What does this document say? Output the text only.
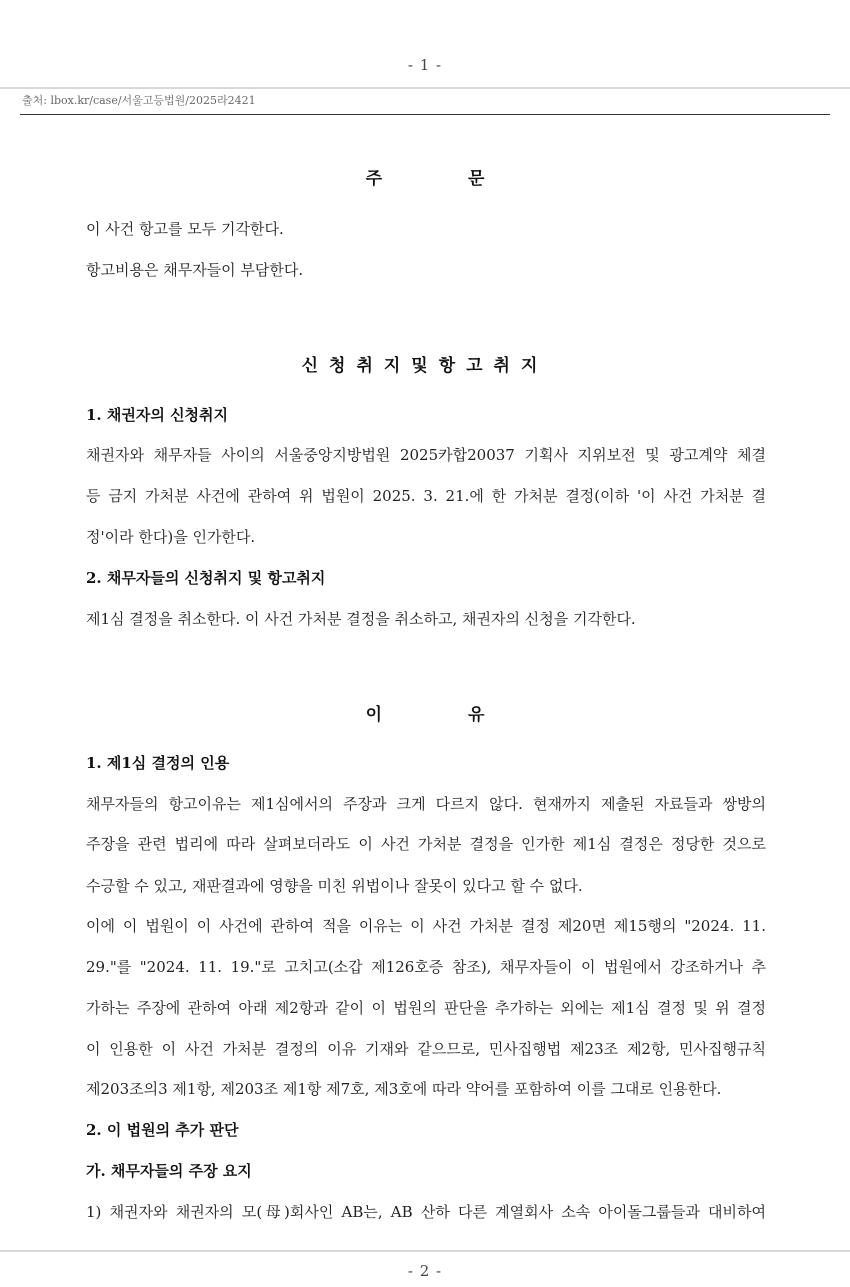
- 1 -
출처: lbox.kr/case/서울고등법원/2025라2421
주 문
이 사건 항고를 모두 기각한다.
항고비용은 채무자들이 부담한다.
신청취지및항고취지
1. 채권자의 신청취지
채권자와 채무자들 사이의 서울중앙지방법원 2025카합20037 기획사 지위보전 및 광고계약 체결
등 금지 가처분 사건에 관하여 위 법원이 2025. 3. 21.에 한 가처분 결정(이하 '이 사건 가처분 결
정'이라 한다)을 인가한다.
2. 채무자들의 신청취지 및 항고취지
제1심 결정을 취소한다. 이 사건 가처분 결정을 취소하고, 채권자의 신청을 기각한다.
이 유
1. 제1심 결정의 인용
채무자들의 항고이유는 제1심에서의 주장과 크게 다르지 않다. 현재까지 제출된 자료들과 쌍방의
주장을 관련 법리에 따라 살펴보더라도 이 사건 가처분 결정을 인가한 제1심 결정은 정당한 것으로
수긍할 수 있고, 재판결과에 영향을 미친 위법이나 잘못이 있다고 할 수 없다.
이에 이 법원이 이 사건에 관하여 적을 이유는 이 사건 가처분 결정 제20면 제15행의 "2024. 11.
29."를 "2024. 11. 19."로 고치고(소갑 제126호증 참조), 채무자들이 이 법원에서 강조하거나 추
가하는 주장에 관하여 아래 제2항과 같이 이 법원의 판단을 추가하는 외에는 제1심 결정 및 위 결정
이 인용한 이 사건 가처분 결정의 이유 기재와 같으므로, 민사집행법 제23조 제2항, 민사집행규칙
제203조의3 제1항, 제203조 제1항 제7호, 제3호에 따라 약어를 포함하여 이를 그대로 인용한다.
2. 이 법원의 추가 판단
가. 채무자들의 주장 요지
1) 채권자와 채권자의 모(母)회사인 AB는, AB 산하 다른 계열회사 소속 아이돌그룹들과 대비하여
- 2 -
